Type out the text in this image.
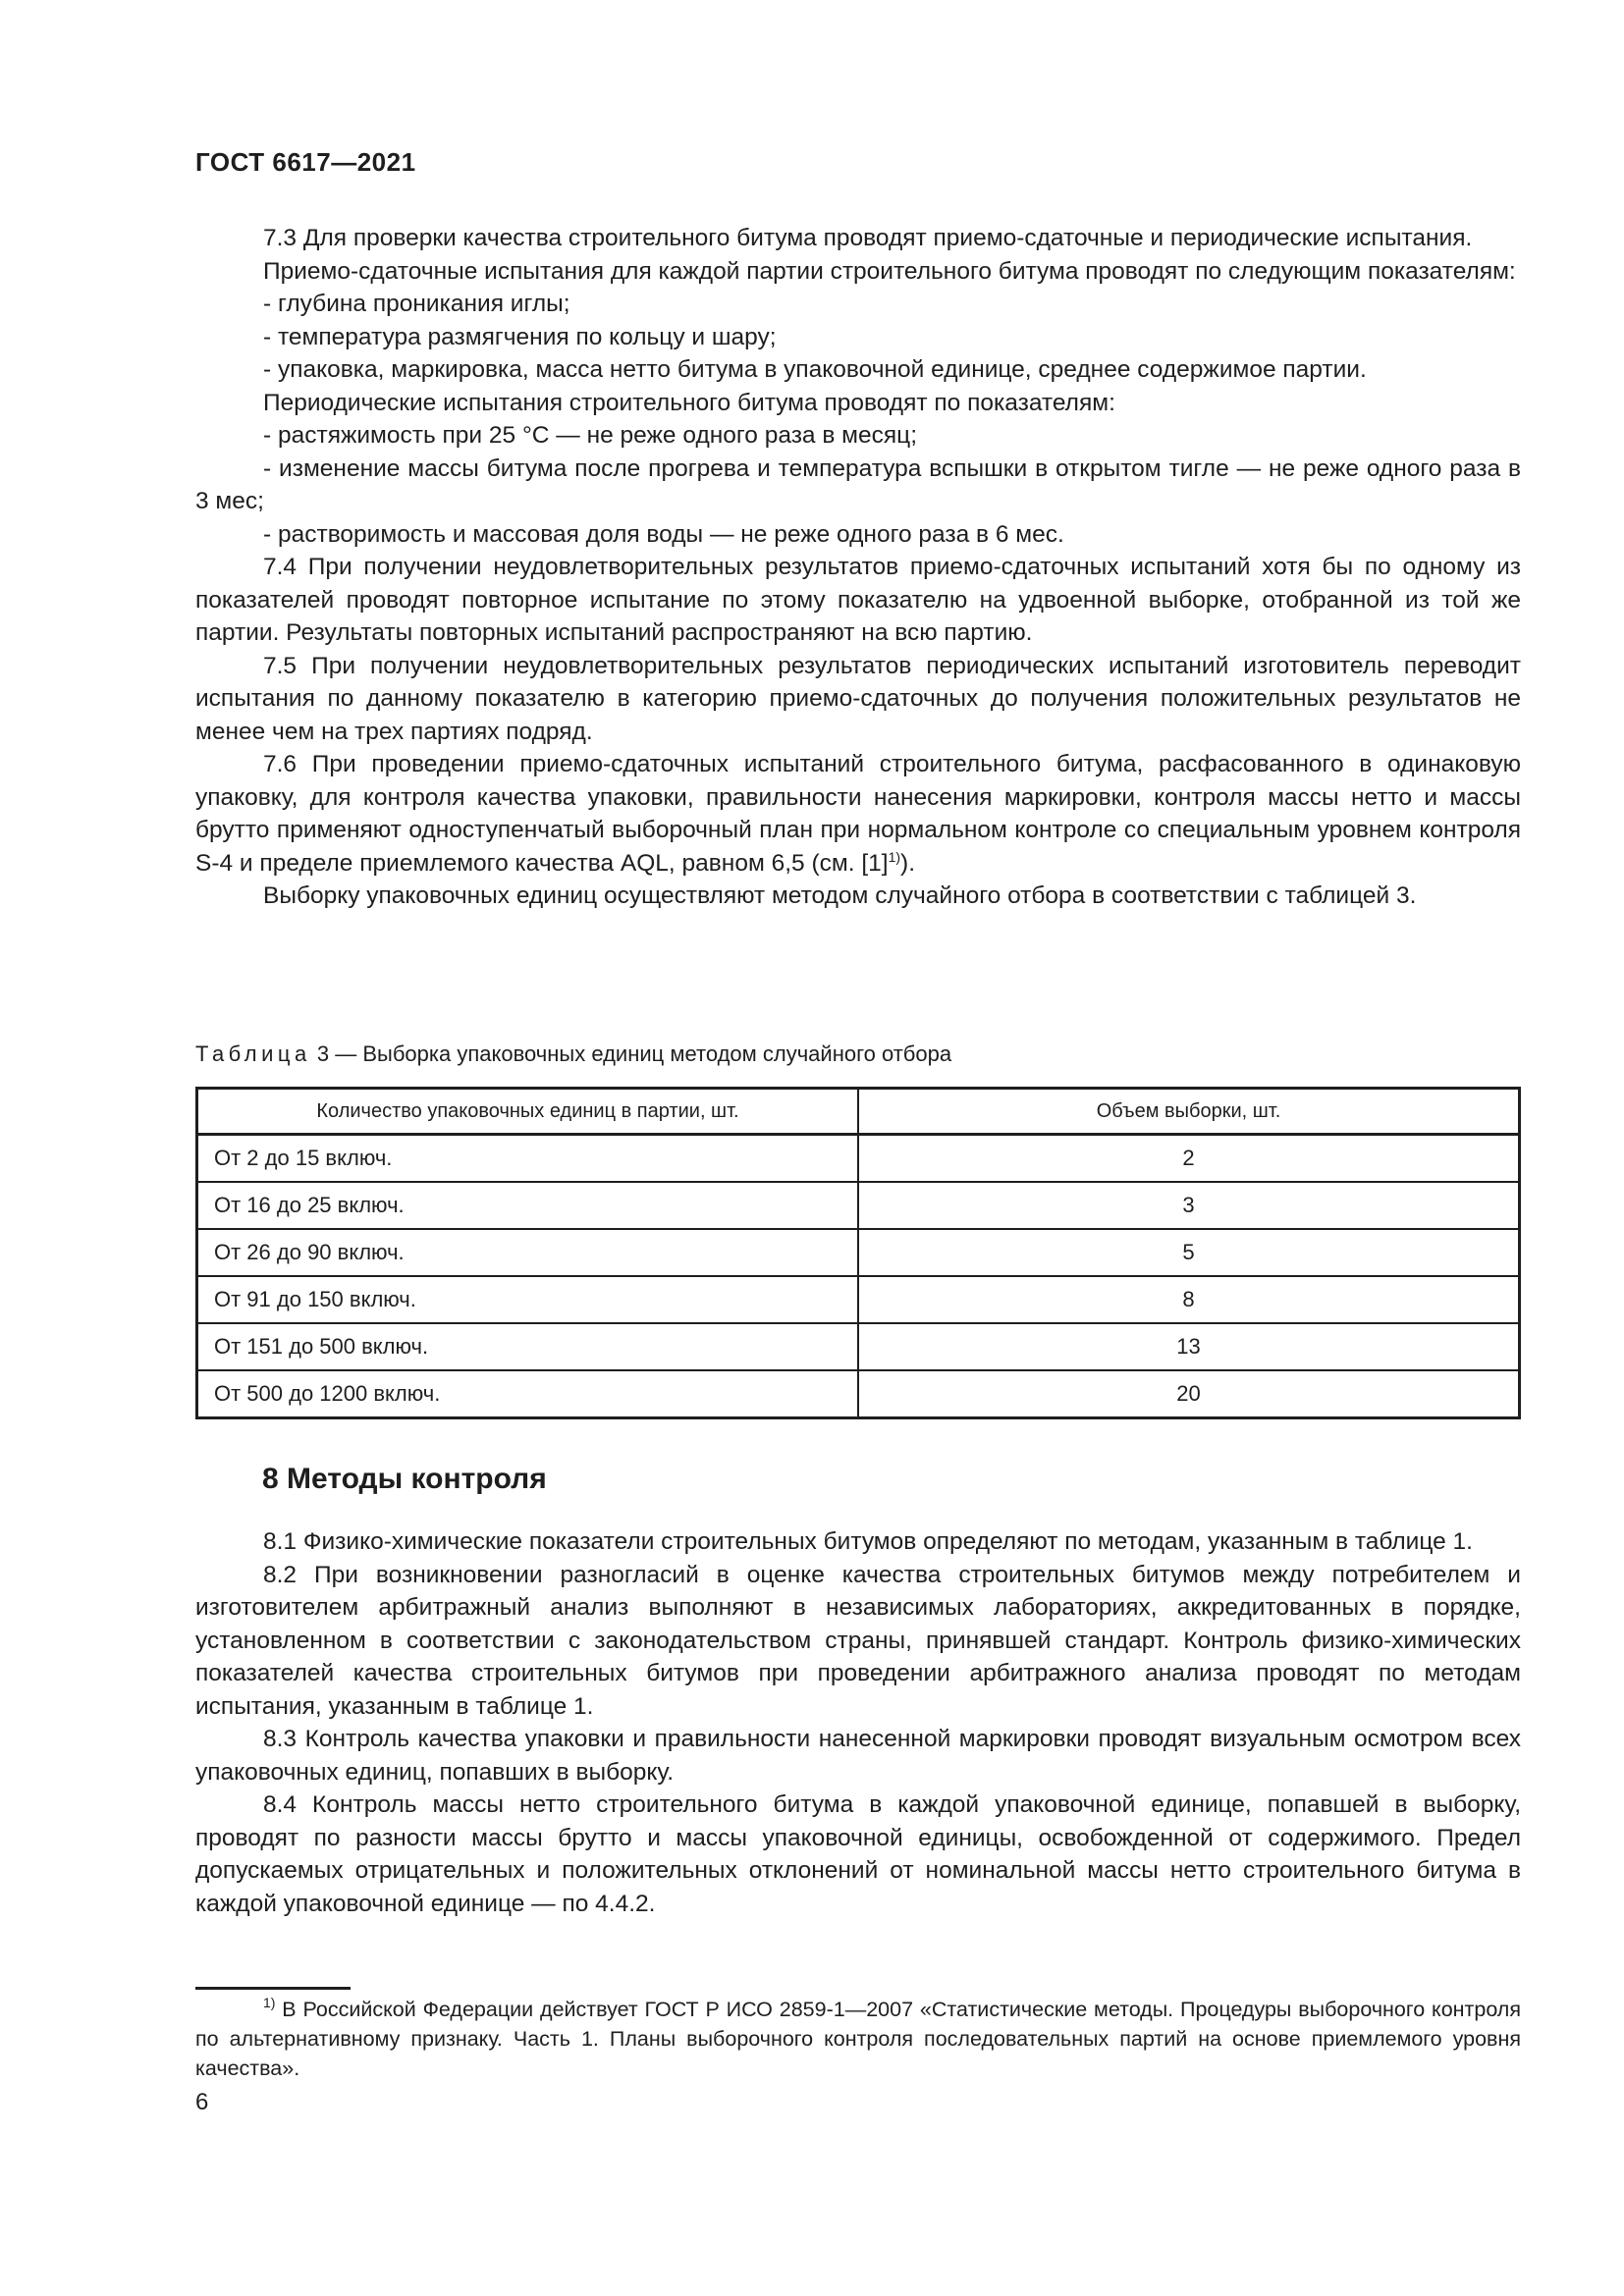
ГОСТ 6617—2021

7.3 Для проверки качества строительного битума проводят приемо-сдаточные и периодические испытания.

Приемо-сдаточные испытания для каждой партии строительного битума проводят по следующим показателям:

- глубина проникания иглы;

- температура размягчения по кольцу и шару;

- упаковка, маркировка, масса нетто битума в упаковочной единице, среднее содержимое партии.

Периодические испытания строительного битума проводят по показателям:

- растяжимость при 25 °С — не реже одного раза в месяц;

- изменение массы битума после прогрева и температура вспышки в открытом тигле — не реже одного раза в 3 мес;

- растворимость и массовая доля воды — не реже одного раза в 6 мес.

7.4 При получении неудовлетворительных результатов приемо-сдаточных испытаний хотя бы по одному из показателей проводят повторное испытание по этому показателю на удвоенной выборке, отобранной из той же партии. Результаты повторных испытаний распространяют на всю партию.

7.5 При получении неудовлетворительных результатов периодических испытаний изготовитель переводит испытания по данному показателю в категорию приемо-сдаточных до получения положительных результатов не менее чем на трех партиях подряд.

7.6 При проведении приемо-сдаточных испытаний строительного битума, расфасованного в одинаковую упаковку, для контроля качества упаковки, правильности нанесения маркировки, контроля массы нетто и массы брутто применяют одноступенчатый выборочный план при нормальном контроле со специальным уровнем контроля S-4 и пределе приемлемого качества AQL, равном 6,5 (см. [1]$^{1)}$).

Выборку упаковочных единиц осуществляют методом случайного отбора в соответствии с таблицей 3.

Таблица 3 — Выборка упаковочных единиц методом случайного отбора
Количество упаковочных единиц в партии, шт.	Объем выборки, шт.
От 2 до 15 включ.	2
От 16 до 25 включ.	3
От 26 до 90 включ.	5
От 91 до 150 включ.	8
От 151 до 500 включ.	13
От 500 до 1200 включ.	20
8 Методы контроля

8.1 Физико-химические показатели строительных битумов определяют по методам, указанным в таблице 1.

8.2 При возникновении разногласий в оценке качества строительных битумов между потребителем и изготовителем арбитражный анализ выполняют в независимых лабораториях, аккредитованных в порядке, установленном в соответствии с законодательством страны, принявшей стандарт. Контроль физико-химических показателей качества строительных битумов при проведении арбитражного анализа проводят по методам испытания, указанным в таблице 1.

8.3 Контроль качества упаковки и правильности нанесенной маркировки проводят визуальным осмотром всех упаковочных единиц, попавших в выборку.

8.4 Контроль массы нетто строительного битума в каждой упаковочной единице, попавшей в выборку, проводят по разности массы брутто и массы упаковочной единицы, освобожденной от содержимого. Предел допускаемых отрицательных и положительных отклонений от номинальной массы нетто строительного битума в каждой упаковочной единице — по 4.4.2.

$^{1)}$ В Российской Федерации действует ГОСТ Р ИСО 2859-1—2007 «Статистические методы. Процедуры выборочного контроля по альтернативному признаку. Часть 1. Планы выборочного контроля последовательных партий на основе приемлемого уровня качества».
6
